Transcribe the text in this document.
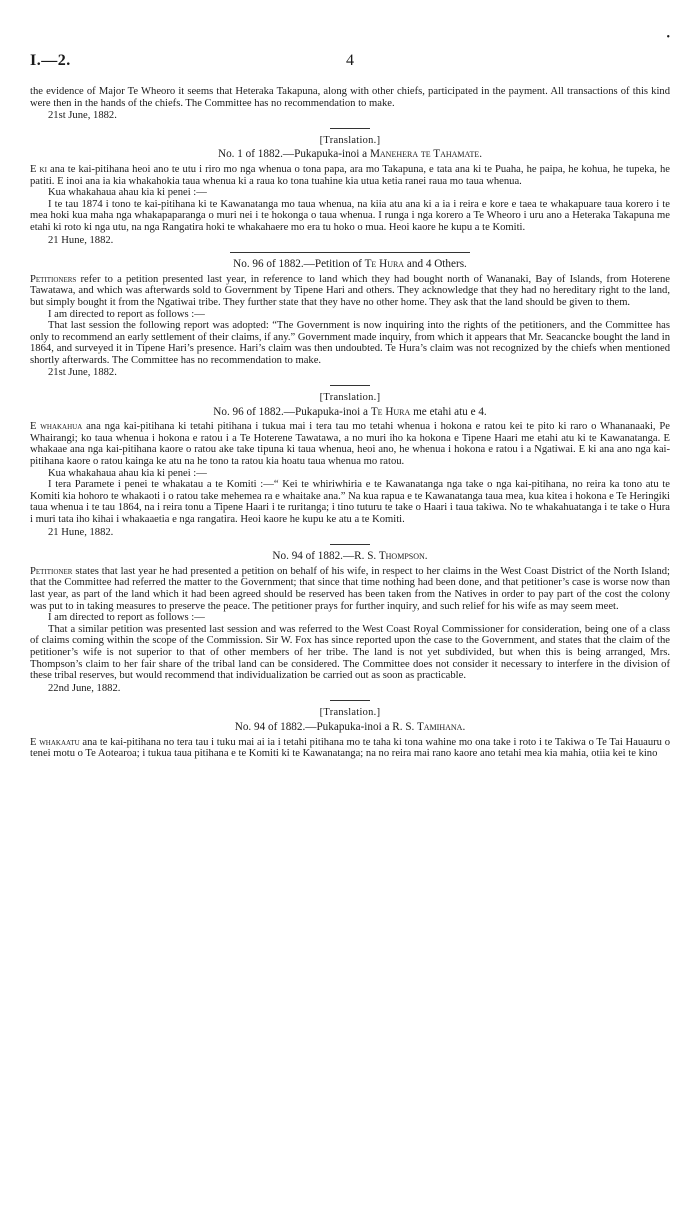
I.—2.	4
•

the evidence of Major Te Wheoro it seems that Heteraka Takapuna, along with other chiefs, participated in the payment. All transactions of this kind were then in the hands of the chiefs. The Committee has no recommendation to make.

21st June, 1882.
[Translation.]
No. 1 of 1882.—Pukapuka-inoi a Manehera te Tahamate.

E ki ana te kai-pitihana heoi ano te utu i riro mo nga whenua o tona papa, ara mo Takapuna, e tata ana ki te Puaha, he paipa, he kohua, he tupeka, he patiti. E inoi ana ia kia whakahokia taua whenua ki a raua ko tona tuahine kia utua ketia ranei raua mo taua whenua.

Kua whakahaua ahau kia ki penei :—

I te tau 1874 i tono te kai-pitihana ki te Kawanatanga mo taua whenua, na kiia atu ana ki a ia i reira e kore e taea te whakapuare taua korero i te mea hoki kua maha nga whakapaparanga o muri nei i te hokonga o taua whenua. I runga i nga korero a Te Wheoro i uru ano a Heteraka Takapuna me etahi ki roto ki nga utu, na nga Rangatira hoki te whakahaere mo era tu hoko o mua. Heoi kaore he kupu a te Komiti.

21 Hune, 1882.
No. 96 of 1882.—Petition of Te Hura and 4 Others.

Petitioners refer to a petition presented last year, in reference to land which they had bought north of Wananaki, Bay of Islands, from Hoterene Tawatawa, and which was afterwards sold to Government by Tipene Hari and others. They acknowledge that they had no hereditary right to the land, but simply bought it from the Ngatiwai tribe. They further state that they have no other home. They ask that the land should be given to them.

I am directed to report as follows :—

That last session the following report was adopted: “The Government is now inquiring into the rights of the petitioners, and the Committee has only to recommend an early settlement of their claims, if any.” Government made inquiry, from which it appears that Mr. Seacancke bought the land in 1864, and surveyed it in Tipene Hari’s presence. Hari’s claim was then undoubted. Te Hura’s claim was not recognized by the chiefs when mentioned shortly afterwards. The Committee has no recommendation to make.

21st June, 1882.
[Translation.]
No. 96 of 1882.—Pukapuka-inoi a Te Hura me etahi atu e 4.

E whakahua ana nga kai-pitihana ki tetahi pitihana i tukua mai i tera tau mo tetahi whenua i hokona e ratou kei te pito ki raro o Whananaaki, Pe Whairangi; ko taua whenua i hokona e ratou i a Te Hoterene Tawatawa, a no muri iho ka hokona e Tipene Haari me etahi atu ki te Kawanatanga. E whakaae ana nga kai-pitihana kaore o ratou ake take tipuna ki taua whenua, heoi ano, he whenua i hokona e ratou i a Ngatiwai. E ki ana ano nga kai-pitihana kaore o ratou kainga ke atu na he tono ta ratou kia hoatu taua whenua mo ratou.

Kua whakahaua ahau kia ki penei :—

I tera Paramete i penei te whakatau a te Komiti :—“ Kei te whiriwhiria e te Kawanatanga nga take o nga kai-pitihana, no reira ka tono atu te Komiti kia hohoro te whakaoti i o ratou take mehemea ra e whaitake ana.” Na kua rapua e te Kawanatanga taua mea, kua kitea i hokona e Te Heringiki taua whenua i te tau 1864, na i reira tonu a Tipene Haari i te ruritanga; i tino tuturu te take o Haari i taua takiwa. No te whakahuatanga i te take o Hura i muri tata iho kihai i whakaaetia e nga rangatira. Heoi kaore he kupu ke atu a te Komiti.

21 Hune, 1882.
No. 94 of 1882.—R. S. Thompson.

Petitioner states that last year he had presented a petition on behalf of his wife, in respect to her claims in the West Coast District of the North Island; that the Committee had referred the matter to the Government; that since that time nothing had been done, and that petitioner’s case is worse now than last year, as part of the land which it had been agreed should be reserved has been taken from the Natives in order to pay part of the cost the colony was put to in taking measures to preserve the peace. The petitioner prays for further inquiry, and such relief for his wife as may seem meet.

I am directed to report as follows :—

That a similar petition was presented last session and was referred to the West Coast Royal Commissioner for consideration, being one of a class of claims coming within the scope of the Commission. Sir W. Fox has since reported upon the case to the Government, and states that the claim of the petitioner’s wife is not superior to that of other members of her tribe. The land is not yet subdivided, but when this is being arranged, Mrs. Thompson’s claim to her fair share of the tribal land can be considered. The Committee does not consider it necessary to interfere in the division of these tribal reserves, but would recommend that individualization be carried out as soon as practicable.

22nd June, 1882.
[Translation.]
No. 94 of 1882.—Pukapuka-inoi a R. S. Tamihana.

E whakaatu ana te kai-pitihana no tera tau i tuku mai ai ia i tetahi pitihana mo te taha ki tona wahine mo ona take i roto i te Takiwa o Te Tai Hauauru o tenei motu o Te Aotearoa; i tukua taua pitihana e te Komiti ki te Kawanatanga; na no reira mai rano kaore ano tetahi mea kia mahia, otiia kei te kino
